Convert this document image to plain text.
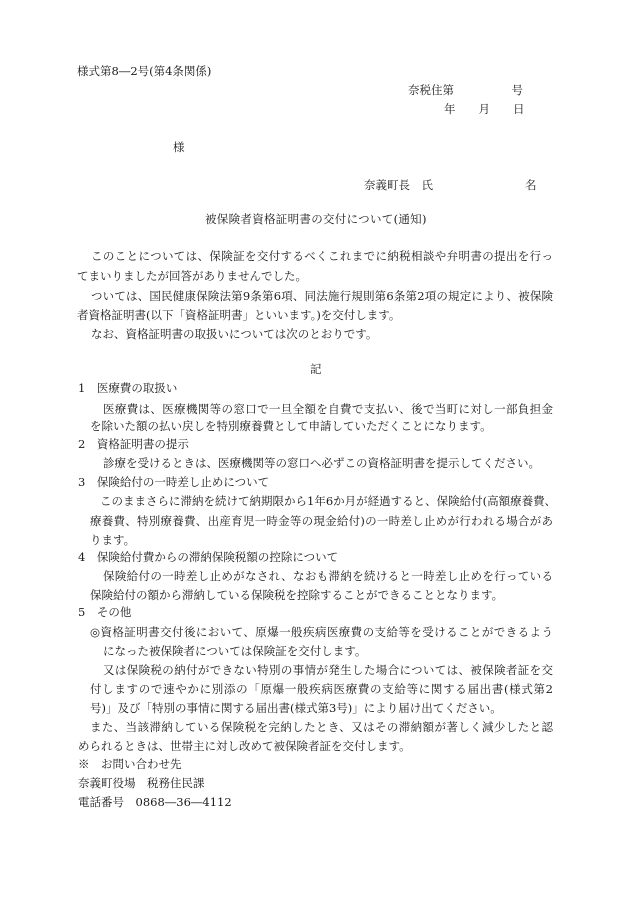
様式第8―2号(第4条関係)
奈税住第　　　　　号
年　　月　　日
様
奈義町長　氏　　　　　　　　名
被保険者資格証明書の交付について(通知)
このことについては、保険証を交付するべくこれまでに納税相談や弁明書の提出を行っ
てまいりましたが回答がありませんでした。
ついては、国民健康保険法第9条第6項、同法施行規則第6条第2項の規定により、被保険
者資格証明書(以下「資格証明書」といいます。)を交付します。
なお、資格証明書の取扱いについては次のとおりです。
記
1　医療費の取扱い
医療費は、医療機関等の窓口で一旦全額を自費で支払い、後で当町に対し一部負担金
を除いた額の払い戻しを特別療養費として申請していただくことになります。
2　資格証明書の提示
診療を受けるときは、医療機関等の窓口へ必ずこの資格証明書を提示してください。
3　保険給付の一時差し止めについて
このままさらに滞納を続けて納期限から1年6か月が経過すると、保険給付(高額療養費、
療養費、特別療養費、出産育児一時金等の現金給付)の一時差し止めが行われる場合があ
ります。
4　保険給付費からの滞納保険税額の控除について
保険給付の一時差し止めがなされ、なおも滞納を続けると一時差し止めを行っている
保険給付の額から滞納している保険税を控除することができることとなります。
5　その他
◎資格証明書交付後において、原爆一般疾病医療費の支給等を受けることができるよう
になった被保険者については保険証を交付します。
又は保険税の納付ができない特別の事情が発生した場合については、被保険者証を交
付しますので速やかに別添の「原爆一般疾病医療費の支給等に関する届出書(様式第2
号)」及び「特別の事情に関する届出書(様式第3号)」により届け出てください。
また、当該滞納している保険税を完納したとき、又はその滞納額が著しく減少したと認
められるときは、世帯主に対し改めて被保険者証を交付します。
※　お問い合わせ先
奈義町役場　税務住民課
電話番号　0868―36―4112
